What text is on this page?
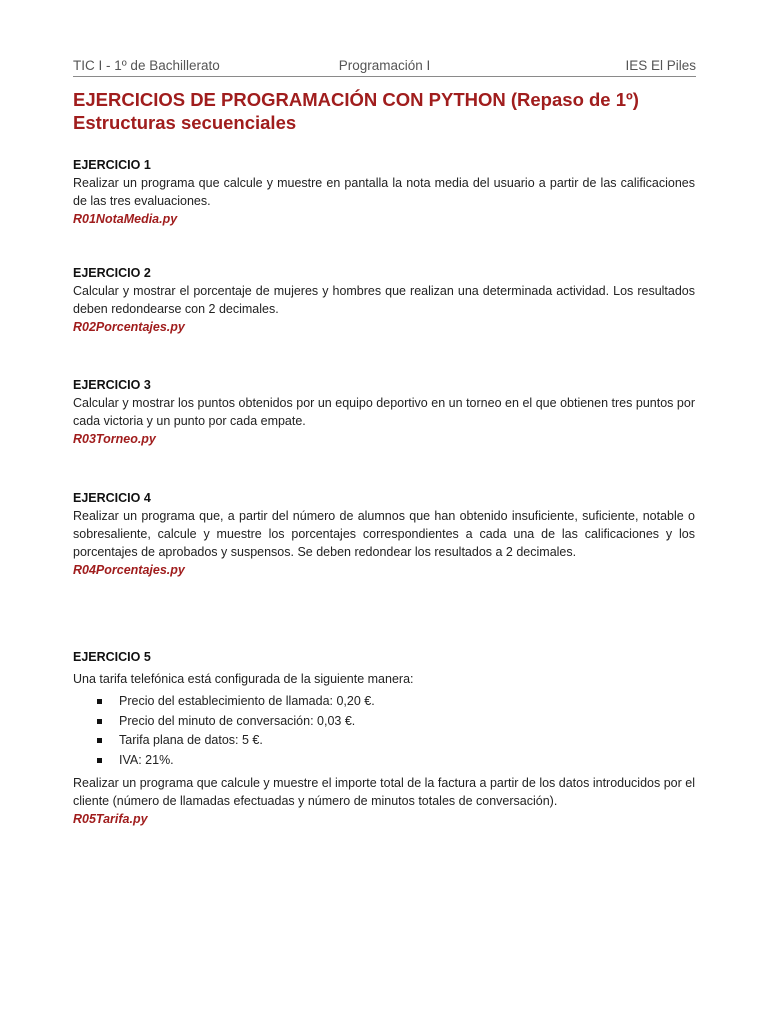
TIC I - 1º de Bachillerato	Programación I	IES El Piles
EJERCICIOS DE PROGRAMACIÓN CON PYTHON (Repaso de 1º)
Estructuras secuenciales

EJERCICIO 1

Realizar un programa que calcule y muestre en pantalla la nota media del usuario a partir de las calificaciones de las tres evaluaciones.

R01NotaMedia.py

EJERCICIO 2

Calcular y mostrar el porcentaje de mujeres y hombres que realizan una determinada actividad. Los resultados deben redondearse con 2 decimales.

R02Porcentajes.py

EJERCICIO 3

Calcular y mostrar los puntos obtenidos por un equipo deportivo en un torneo en el que obtienen tres puntos por cada victoria y un punto por cada empate.

R03Torneo.py

EJERCICIO 4

Realizar un programa que, a partir del número de alumnos que han obtenido insuficiente, suficiente, notable o sobresaliente, calcule y muestre los porcentajes correspondientes a cada una de las calificaciones y los porcentajes de aprobados y suspensos. Se deben redondear los resultados a 2 decimales.

R04Porcentajes.py

EJERCICIO 5

Una tarifa telefónica está configurada de la siguiente manera:

Precio del establecimiento de llamada: 0,20 €.
Precio del minuto de conversación: 0,03 €.
Tarifa plana de datos: 5 €.
IVA: 21%.

Realizar un programa que calcule y muestre el importe total de la factura a partir de los datos introducidos por el cliente (número de llamadas efectuadas y número de minutos totales de conversación).

R05Tarifa.py
